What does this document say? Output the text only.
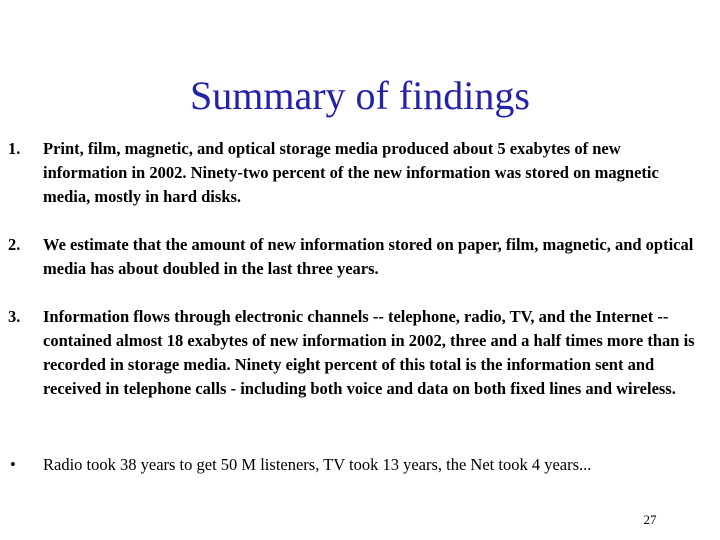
Summary of findings
1. Print, film, magnetic, and optical storage media produced about 5 exabytes of new information in 2002. Ninety-two percent of the new information was stored on magnetic media, mostly in hard disks.
2. We estimate that the amount of new information stored on paper, film, magnetic, and optical media has about doubled in the last three years.
3. Information flows through electronic channels -- telephone, radio, TV, and the Internet -- contained almost 18 exabytes of new information in 2002, three and a half times more than is recorded in storage media. Ninety eight percent of this total is the information sent and received in telephone calls - including both voice and data on both fixed lines and wireless.
• Radio took 38 years to get 50 M listeners, TV took 13 years, the Net took 4 years...
27
